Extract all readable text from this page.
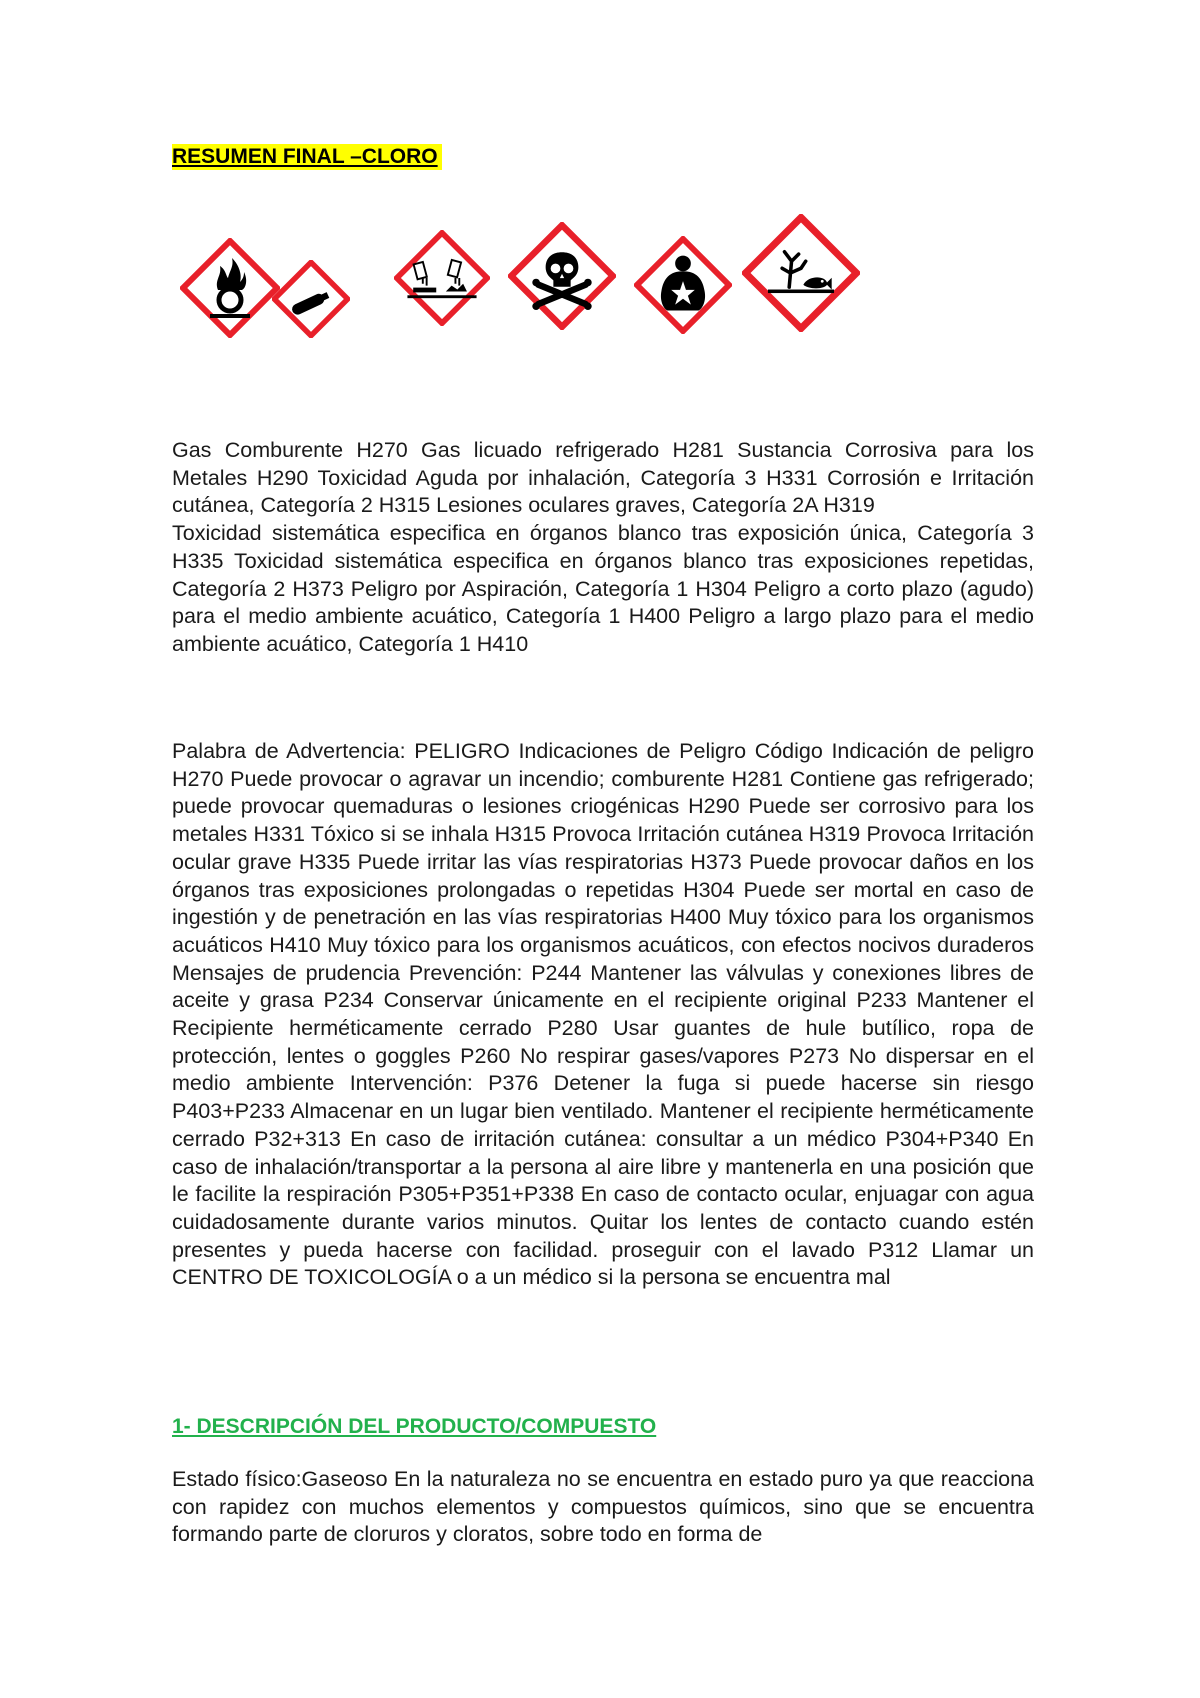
RESUMEN FINAL –CLORO

Gas Comburente H270 Gas licuado refrigerado H281 Sustancia Corrosiva para los Metales H290 Toxicidad Aguda por inhalación, Categoría 3 H331 Corrosión e Irritación cutánea, Categoría 2 H315 Lesiones oculares graves, Categoría 2A H319
Toxicidad sistemática especifica en órganos blanco tras exposición única, Categoría 3 H335 Toxicidad sistemática especifica en órganos blanco tras exposiciones repetidas, Categoría 2 H373 Peligro por Aspiración, Categoría 1 H304 Peligro a corto plazo (agudo) para el medio ambiente acuático, Categoría 1 H400 Peligro a largo plazo para el medio ambiente acuático, Categoría 1 H410

Palabra de Advertencia: PELIGRO Indicaciones de Peligro Código Indicación de peligro H270 Puede provocar o agravar un incendio; comburente H281 Contiene gas refrigerado; puede provocar quemaduras o lesiones criogénicas H290 Puede ser corrosivo para los metales H331 Tóxico si se inhala H315 Provoca Irritación cutánea H319 Provoca Irritación ocular grave H335 Puede irritar las vías respiratorias H373 Puede provocar daños en los órganos tras exposiciones prolongadas o repetidas H304 Puede ser mortal en caso de ingestión y de penetración en las vías respiratorias H400 Muy tóxico para los organismos acuáticos H410 Muy tóxico para los organismos acuáticos, con efectos nocivos duraderos Mensajes de prudencia Prevención: P244 Mantener las válvulas y conexiones libres de aceite y grasa P234 Conservar únicamente en el recipiente original P233 Mantener el Recipiente herméticamente cerrado P280 Usar guantes de hule butílico, ropa de protección, lentes o goggles P260 No respirar gases/vapores P273 No dispersar en el medio ambiente Intervención: P376 Detener la fuga si puede hacerse sin riesgo P403+P233 Almacenar en un lugar bien ventilado. Mantener el recipiente herméticamente cerrado P32+313 En caso de irritación cutánea: consultar a un médico P304+P340 En caso de inhalación/transportar a la persona al aire libre y mantenerla en una posición que le facilite la respiración P305+P351+P338 En caso de contacto ocular, enjuagar con agua cuidadosamente durante varios minutos. Quitar los lentes de contacto cuando estén presentes y pueda hacerse con facilidad. proseguir con el lavado P312 Llamar un CENTRO DE TOXICOLOGÍA o a un médico si la persona se encuentra mal

1- DESCRIPCIÓN DEL PRODUCTO/COMPUESTO

Estado físico:Gaseoso En la naturaleza no se encuentra en estado puro ya que reacciona con rapidez con muchos elementos y compuestos químicos, sino que se encuentra formando parte de cloruros y cloratos, sobre todo en forma de
